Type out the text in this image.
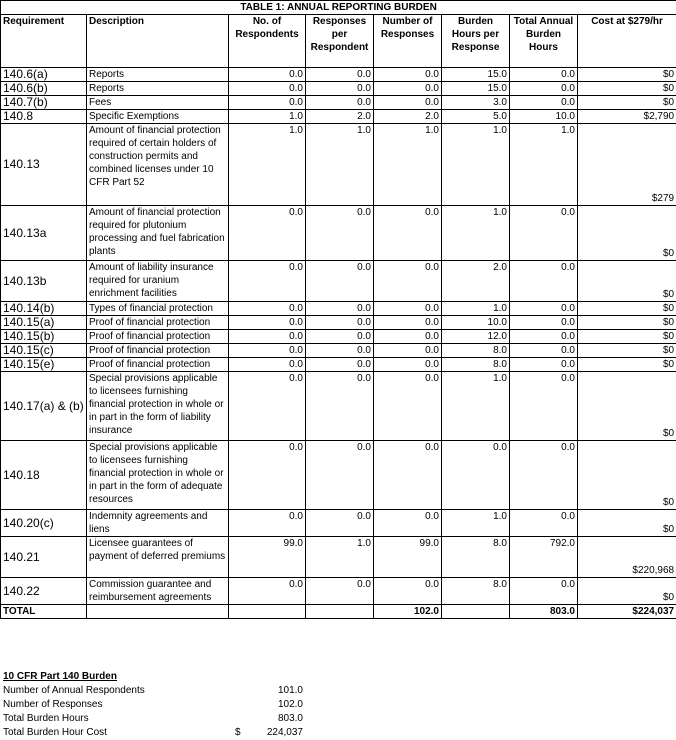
TABLE 1: ANNUAL REPORTING BURDEN							
Requirement	Description	No. of Respondents	Responses per Respondent	Number of Responses	Burden Hours per Response	Total Annual Burden Hours	Cost at $279/hr
140.6(a)	Reports	0.0	0.0	0.0	15.0	0.0	$0
140.6(b)	Reports	0.0	0.0	0.0	15.0	0.0	$0
140.7(b)	Fees	0.0	0.0	0.0	3.0	0.0	$0
140.8	Specific Exemptions	1.0	2.0	2.0	5.0	10.0	$2,790
140.13	Amount of financial protection required of certain holders of construction permits and combined licenses under 10 CFR Part 52	1.0	1.0	1.0	1.0	1.0	$279
140.13a	Amount of financial protection required for plutonium processing and fuel fabrication plants	0.0	0.0	0.0	1.0	0.0	$0
140.13b	Amount of liability insurance required for uranium enrichment facilities	0.0	0.0	0.0	2.0	0.0	$0
140.14(b)	Types of financial protection	0.0	0.0	0.0	1.0	0.0	$0
140.15(a)	Proof of financial protection	0.0	0.0	0.0	10.0	0.0	$0
140.15(b)	Proof of financial protection	0.0	0.0	0.0	12.0	0.0	$0
140.15(c)	Proof of financial protection	0.0	0.0	0.0	8.0	0.0	$0
140.15(e)	Proof of financial protection	0.0	0.0	0.0	8.0	0.0	$0
140.17(a) & (b)	Special provisions applicable to licensees furnishing financial protection in whole or in part in the form of liability insurance	0.0	0.0	0.0	1.0	0.0	$0
140.18	Special provisions applicable to licensees furnishing financial protection in whole or in part in the form of adequate resources	0.0	0.0	0.0	0.0	0.0	$0
140.20(c)	Indemnity agreements and liens	0.0	0.0	0.0	1.0	0.0	$0
140.21	Licensee guarantees of payment of deferred premiums	99.0	1.0	99.0	8.0	792.0	$220,968
140.22	Commission guarantee and reimbursement agreements	0.0	0.0	0.0	8.0	0.0	$0
TOTAL				102.0		803.0	$224,037
10 CFR Part 140 Burden
Number of Annual Respondents	101.0
Number of Responses	102.0
Total Burden Hours	803.0
Total Burden Hour Cost	$	224,037
